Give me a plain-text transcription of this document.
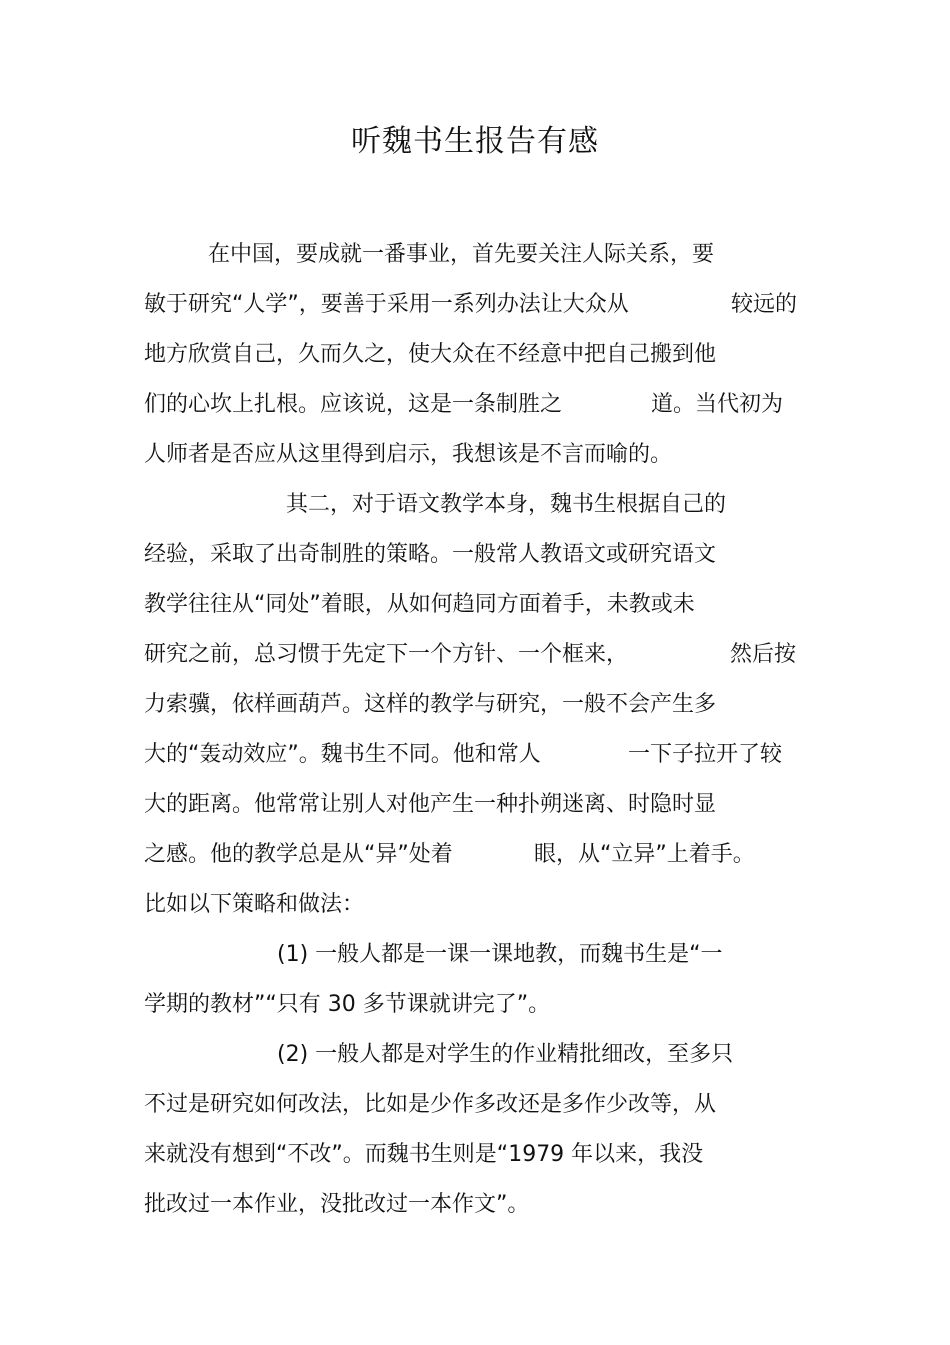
听魏书生报告有感
在中国，要成就一番事业，首先要关注人际关系，要
敏于研究“人学”，要善于采用一系列办法让大众从	较远的
地方欣赏自己，久而久之，使大众在不经意中把自己搬到他
们的心坎上扎根。应该说，这是一条制胜之	道。当代初为
人师者是否应从这里得到启示，我想该是不言而喻的。
其二，对于语文教学本身，魏书生根据自己的
经验，采取了出奇制胜的策略。一般常人教语文或研究语文
教学往往从“同处”着眼，从如何趋同方面着手，未教或未
研究之前，总习惯于先定下一个方针、一个框来，	然后按
力索骥，依样画葫芦。这样的教学与研究，一般不会产生多
大的“轰动效应”。魏书生不同。他和常人	一下子拉开了较
大的距离。他常常让别人对他产生一种扑朔迷离、时隐时显
之感。他的教学总是从“异”处着	眼，从“立异”上着手。
比如以下策略和做法：
(1) 一般人都是一课一课地教，而魏书生是“一
学期的教材”“只有 30 多节课就讲完了”。
(2) 一般人都是对学生的作业精批细改，至多只
不过是研究如何改法，比如是少作多改还是多作少改等，从
来就没有想到“不改”。而魏书生则是“1979 年以来，我没
批改过一本作业，没批改过一本作文”。
